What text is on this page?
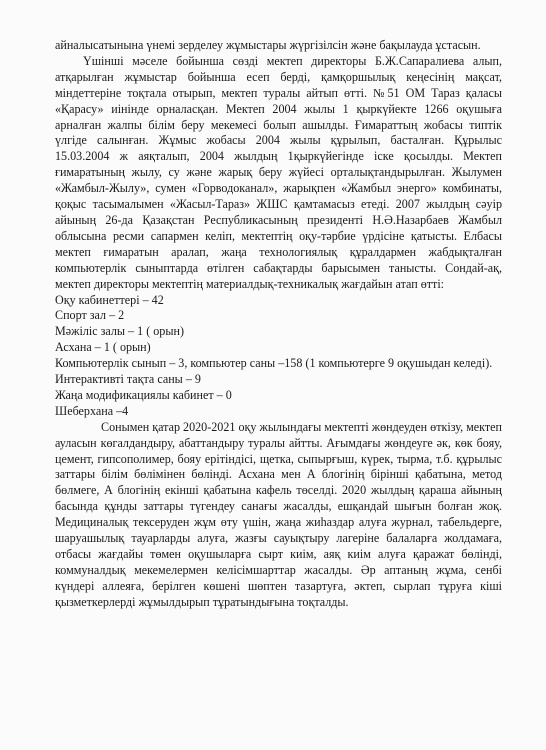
айналысатынына үнемі зерделеу жұмыстары жүргізілсін және бақылауда ұстасын.

Үшінші мәселе бойынша сөзді мектеп директоры Б.Ж.Сапаралиева алып, атқарылған жұмыстар бойынша есеп берді, қамқоршылық кеңесінің мақсат, міндеттеріне тоқтала отырып, мектеп туралы айтып өтті. №51 ОМ Тараз қаласы «Қарасу» иінінде орналасқан. Мектеп 2004 жылы 1 қыркүйекте 1266 оқушыға арналған жалпы білім беру мекемесі болып ашылды. Ғимараттың жобасы типтік үлгіде салынған. Жұмыс жобасы 2004 жылы құрылып, басталған. Құрылыс 15.03.2004 ж аяқталып, 2004 жылдың 1қыркүйегінде іске қосылды. Мектеп ғимаратының жылу, су және жарық беру жүйесі орталықтандырылған. Жылумен «Жамбыл-Жылу», сумен «Горводоканал», жарықпен «Жамбыл энерго» комбинаты, қоқыс тасымалымен «Жасыл-Тараз» ЖШС қамтамасыз етеді. 2007 жылдың сәуір айының 26-да Қазақстан Республикасының президенті Н.Ә.Назарбаев Жамбыл облысына ресми сапармен келіп, мектептің оқу-тәрбие үрдісіне қатысты. Елбасы мектеп ғимаратын аралап, жаңа технологиялық құралдармен жабдықталған компьютерлік сыныптарда өтілген сабақтарды барысымен танысты. Сондай-ақ, мектеп директоры мектептің материалдық-техникалық жағдайын атап өтті:

Оқу кабинеттері – 42

Спорт зал – 2

Мәжіліс залы – 1 ( орын)

Асхана – 1 ( орын)

Компьютерлік сынып – 3, компьютер саны –158 (1 компьютерге 9 оқушыдан келеді).

Интерактивті тақта саны – 9

Жаңа модификациялы кабинет – 0

Шеберхана –4

Сонымен қатар 2020-2021 оқу жылындағы мектепті жөндеуден өткізу, мектеп ауласын көгалдандыру, абаттандыру туралы айтты. Ағымдағы жөндеуге әк, көк бояу, цемент, гипсополимер, бояу ерітіндісі, щетка, сыпырғыш, күрек, тырма, т.б. құрылыс заттары білім бөлімінен бөлінді. Асхана мен А блогінің бірінші қабатына, метод бөлмеге, А блогінің екінші қабатына кафель төселді. 2020 жылдың қараша айының басында құнды заттары түгендеу санағы жасалды, ешқандай шығын болған жоқ. Медициналық тексеруден жұм өту үшін, жаңа жиһаздар алуға журнал, табельдерге, шаруашылық тауарларды алуға, жазғы сауықтыру лагеріне балаларға жолдамаға, отбасы жағдайы төмен оқушыларға сырт киім, аяқ киім алуға қаражат бөлінді, коммуналдық мекемелермен келісімшарттар жасалды. Әр аптаның жұма, сенбі күндері аллеяға, берілген көшені шөптен тазартуға, әктеп, сырлап тұруға кіші қызметкерлерді жұмылдырып тұратындығына тоқталды.
